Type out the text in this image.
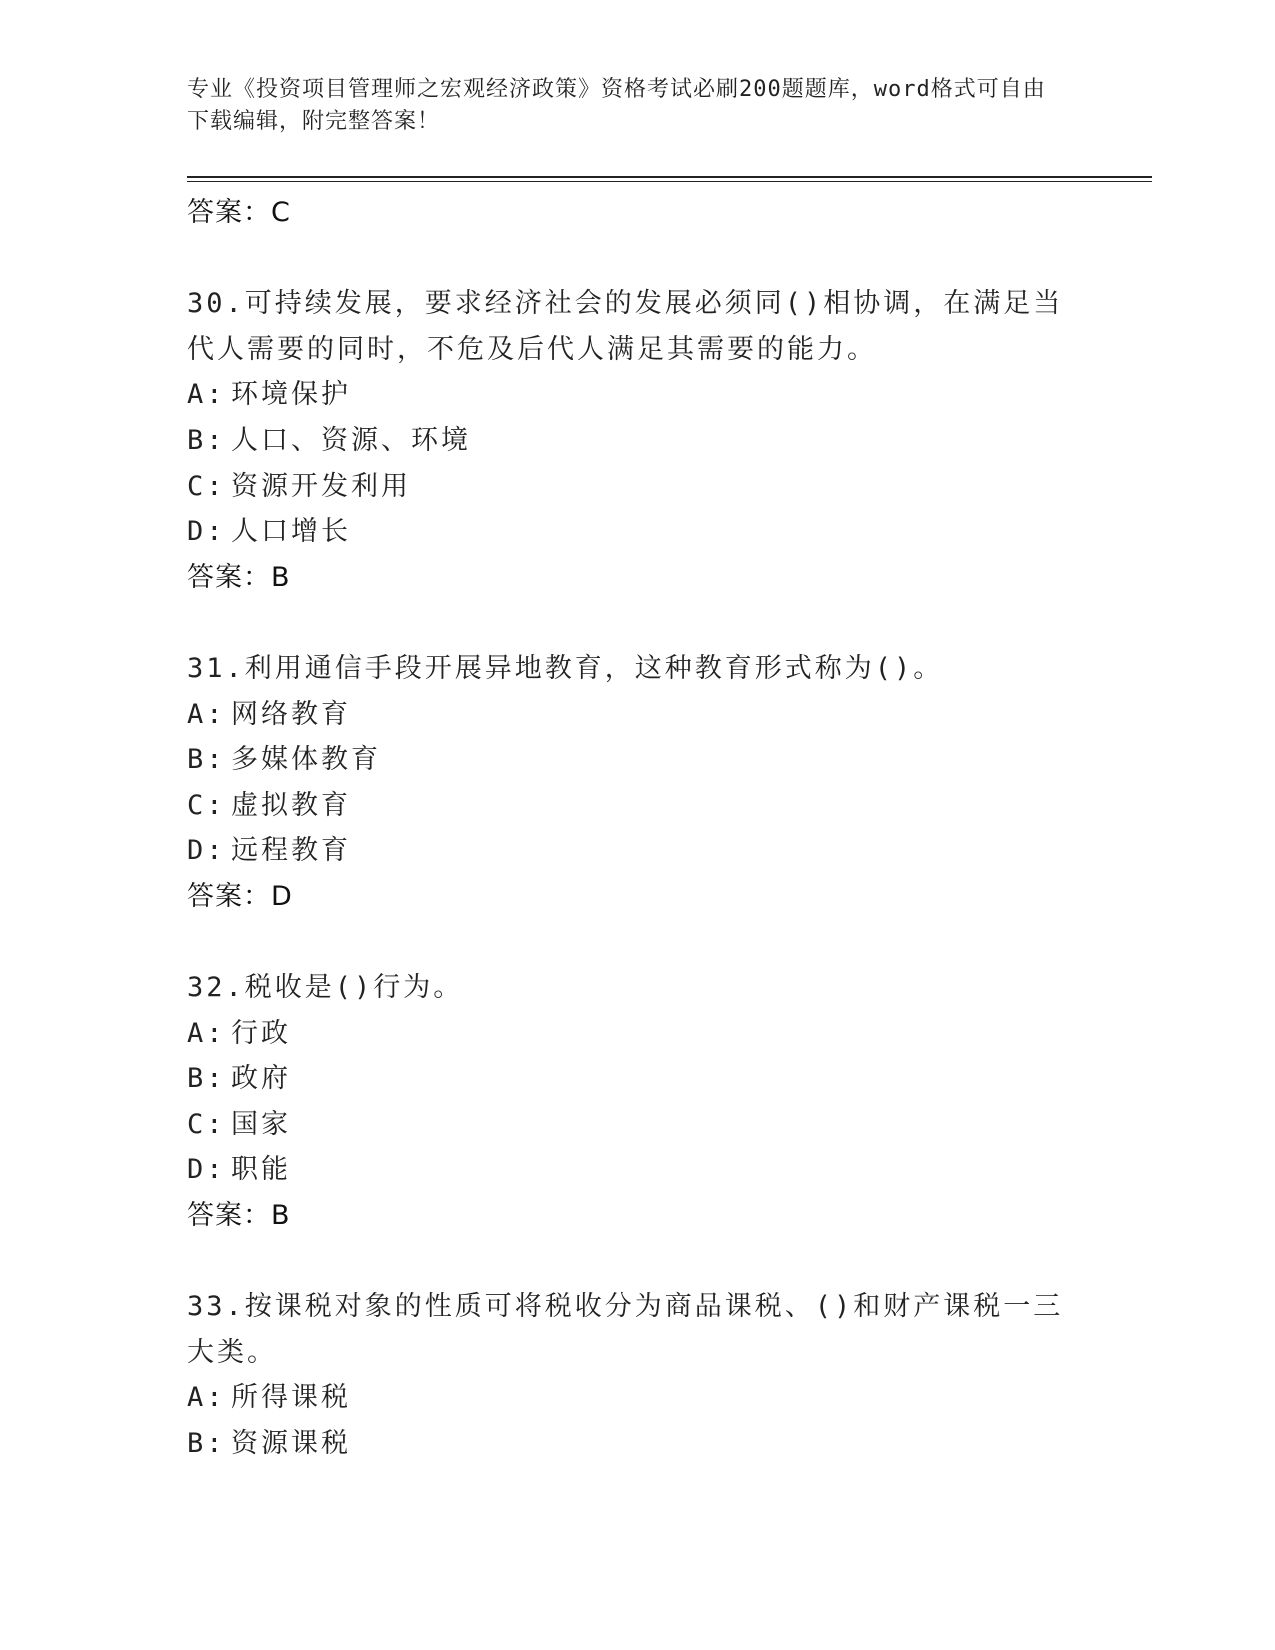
专业《投资项目管理师之宏观经济政策》资格考试必刷200题题库，word格式可自由下载编辑，附完整答案！
答案：C
30.可持续发展，要求经济社会的发展必须同()相协调，在满足当代人需要的同时，不危及后代人满足其需要的能力。
A: 环境保护
B: 人口、资源、环境
C: 资源开发利用
D: 人口增长
答案：B
31.利用通信手段开展异地教育，这种教育形式称为()。
A: 网络教育
B: 多媒体教育
C: 虚拟教育
D: 远程教育
答案：D
32.税收是()行为。
A: 行政
B: 政府
C: 国家
D: 职能
答案：B
33.按课税对象的性质可将税收分为商品课税、()和财产课税一三大类。
A: 所得课税
B: 资源课税
